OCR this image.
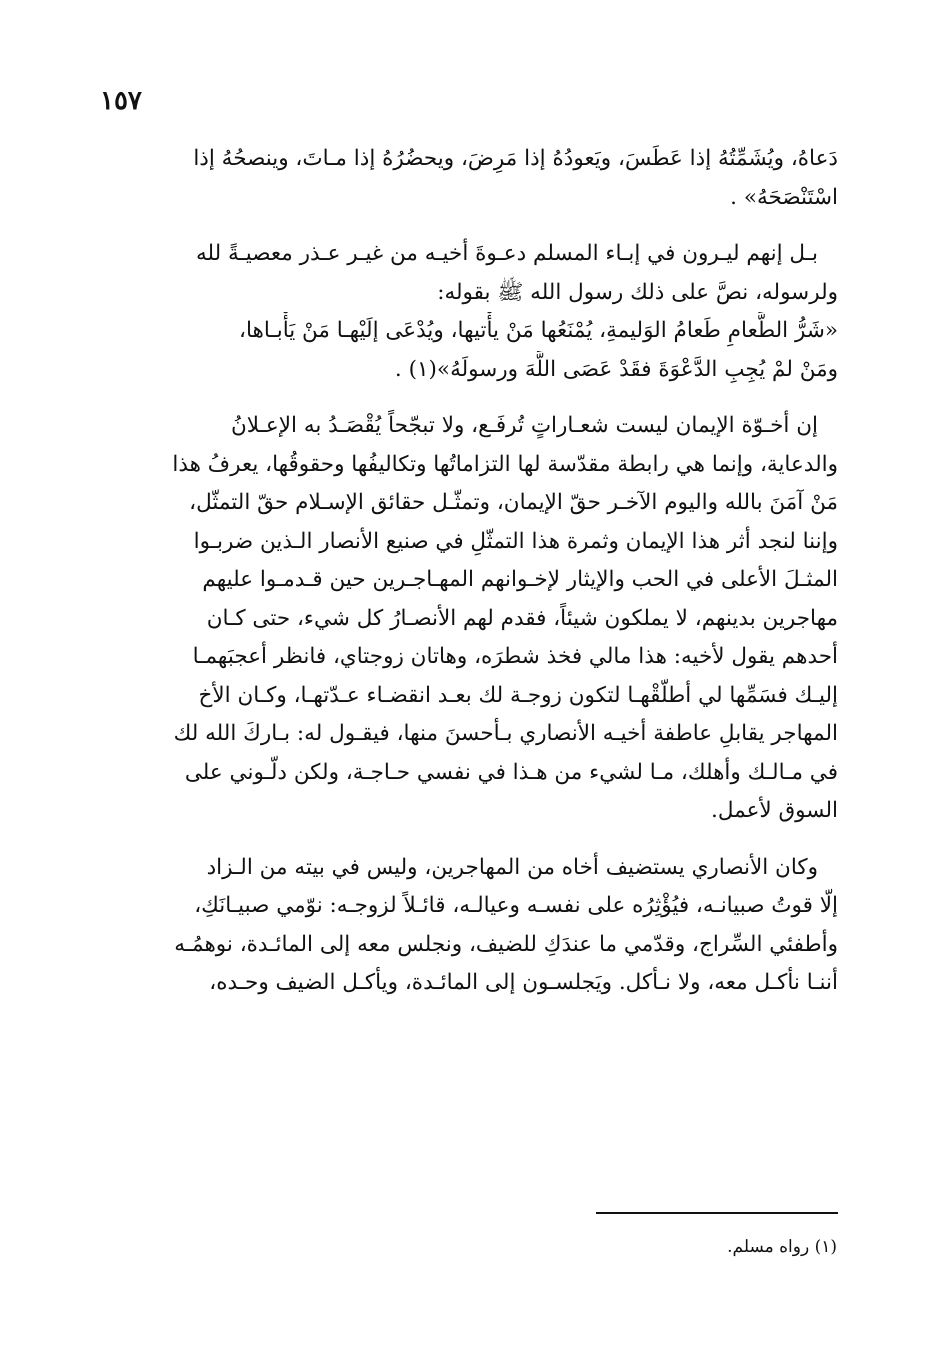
١٥٧
دَعاهُ، ويُشَمِّتُهُ إذا عَطَسَ، ويَعودُهُ إذا مَرِضَ، ويحضُرُهُ إذا مـاتَ، وينصحُهُ إذا
اسْتَنْصَحَهُ» .
بـل إنهم ليـرون في إبـاء المسلم دعـوةَ أخيـه من غيـر عـذر معصيـةً لله
ولرسوله، نصَّ على ذلك رسول الله ﷺ بقوله:
«شَرُّ الطَّعامِ طَعامُ الوَليمةِ، يُمْنَعُها مَنْ يأْتيها، ويُدْعَى إلَيْهـا مَنْ يَأْبـاها،
ومَنْ لمْ يُجِبِ الدَّعْوَةَ فقَدْ عَصَى اللَّهَ ورسولَهُ»(١) .
إن أخـوّة الإيمان ليست شعـاراتٍ تُرفَـع، ولا تبجّحاً يُقْصَـدُ به الإعـلانُ
والدعاية، وإنما هي رابطة مقدّسة لها التزاماتُها وتكاليفُها وحقوقُها، يعرفُ هذا
مَنْ آمَنَ بالله واليوم الآخـر حقّ الإيمان، وتمثّـل حقائق الإسـلام حقّ التمثّل،
وإننا لنجد أثر هذا الإيمان وثمرة هذا التمثّلِ في صنيع الأنصار الـذين ضربـوا
المثـلَ الأعلى في الحب والإيثار لإخـوانهم المهـاجـرين حين قـدمـوا عليهم
مهاجرين بدينهم، لا يملكون شيئاً، فقدم لهم الأنصـارُ كل شيء، حتى كـان
أحدهم يقول لأخيه: هذا مالي فخذ شطرَه، وهاتان زوجتاي، فانظر أعجبَهمـا
إليـك فسَمِّها لي أطلّقْهـا لتكون زوجـة لك بعـد انقضـاء عـدّتهـا، وكـان الأخ
المهاجر يقابلِ عاطفة أخيـه الأنصاري بـأحسنَ منها، فيقـول له: بـاركَ الله لك
في مـالـك وأهلك، مـا لشيء من هـذا في نفسي حـاجـة، ولكن دلّـوني على
السوق لأعمل.
وكان الأنصاري يستضيف أخاه من المهاجرين، وليس في بيته من الـزاد
إلّا قوتُ صبيانـه، فيُؤْثِرُه على نفسـه وعيالـه، قائـلاً لزوجـه: نوّمي صبيـانَكِ،
وأطفئي السِّراج، وقدّمي ما عندَكِ للضيف، ونجلس معه إلى المائـدة، نوهمُـه
أننـا نأكـل معه، ولا نـأكل. ويَجلسـون إلى المائـدة، ويأكـل الضيف وحـده،
(١) رواه مسلم.
